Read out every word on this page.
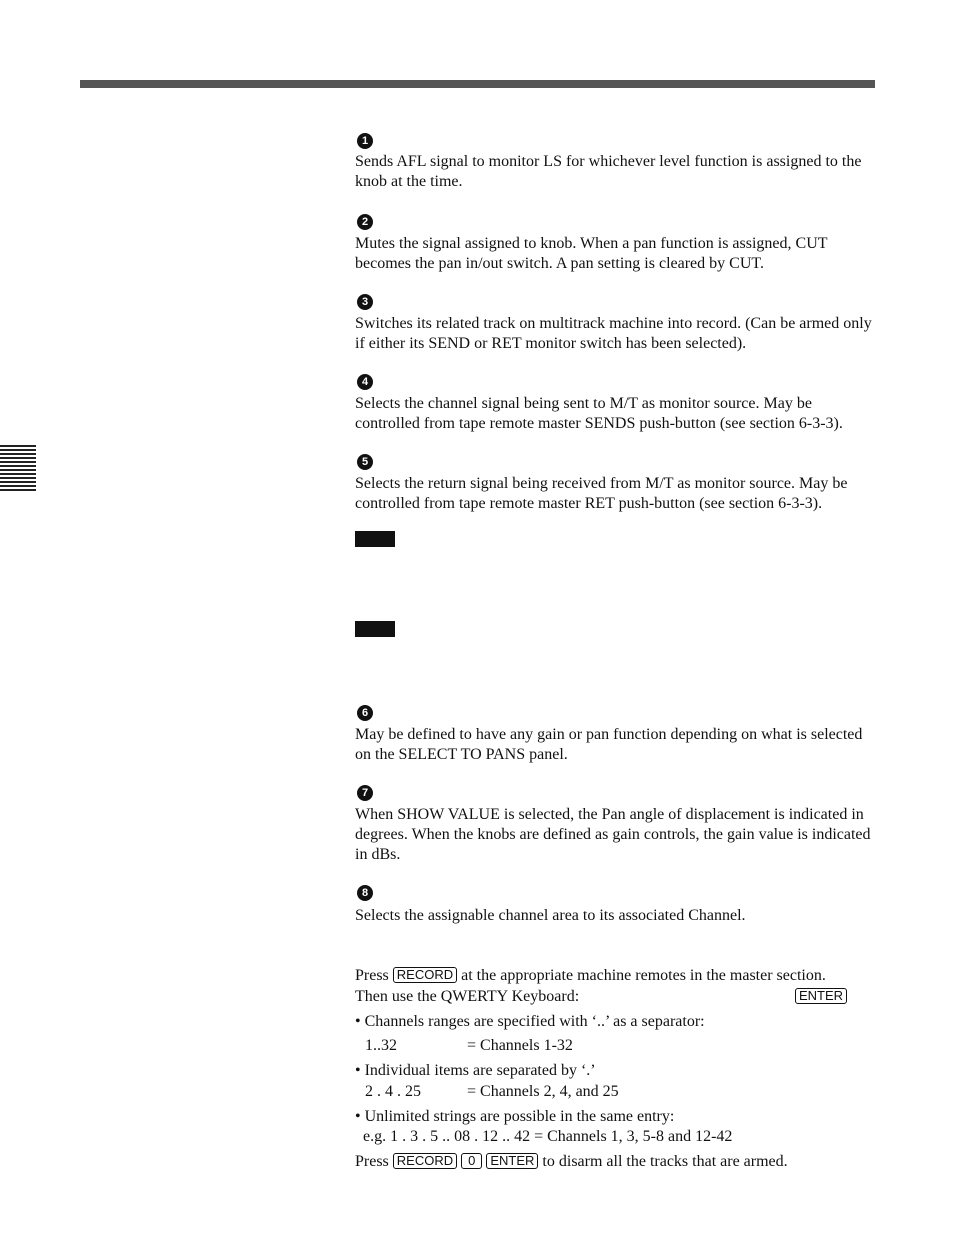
1
Sends AFL signal to monitor LS for whichever level function is assigned to the knob at the time.
2
Mutes the signal assigned to knob. When a pan function is assigned, CUT becomes the pan in/out switch. A pan setting is cleared by CUT.
3
Switches its related track on multitrack machine into record. (Can be armed only if either its SEND or RET monitor switch has been selected).
4
Selects the channel signal being sent to M/T as monitor source. May be controlled from tape remote master SENDS push-button (see section 6-3-3).
5
Selects the return signal being received from M/T as monitor source. May be controlled from tape remote master RET push-button (see section 6-3-3).
6
May be defined to have any gain or pan function depending on what is selected on the SELECT TO PANS panel.
7
When SHOW VALUE is selected, the Pan angle of displacement is indicated in degrees. When the knobs are defined as gain controls, the gain value is indicated in dBs.
8
Selects the assignable channel area to its associated Channel.
Press RECORD at the appropriate machine remotes in the master section.
Then use the QWERTY Keyboard:	ENTER
• Channels ranges are specified with ‘..’ as a separator:
1..32	= Channels 1-32
• Individual items are separated by ‘.’
2 . 4 . 25	= Channels 2, 4, and 25
• Unlimited strings are possible in the same entry:
e.g. 1 . 3 . 5 .. 08 . 12 .. 42 = Channels 1, 3, 5-8 and 12-42
Press RECORD 0 ENTER to disarm all the tracks that are armed.
